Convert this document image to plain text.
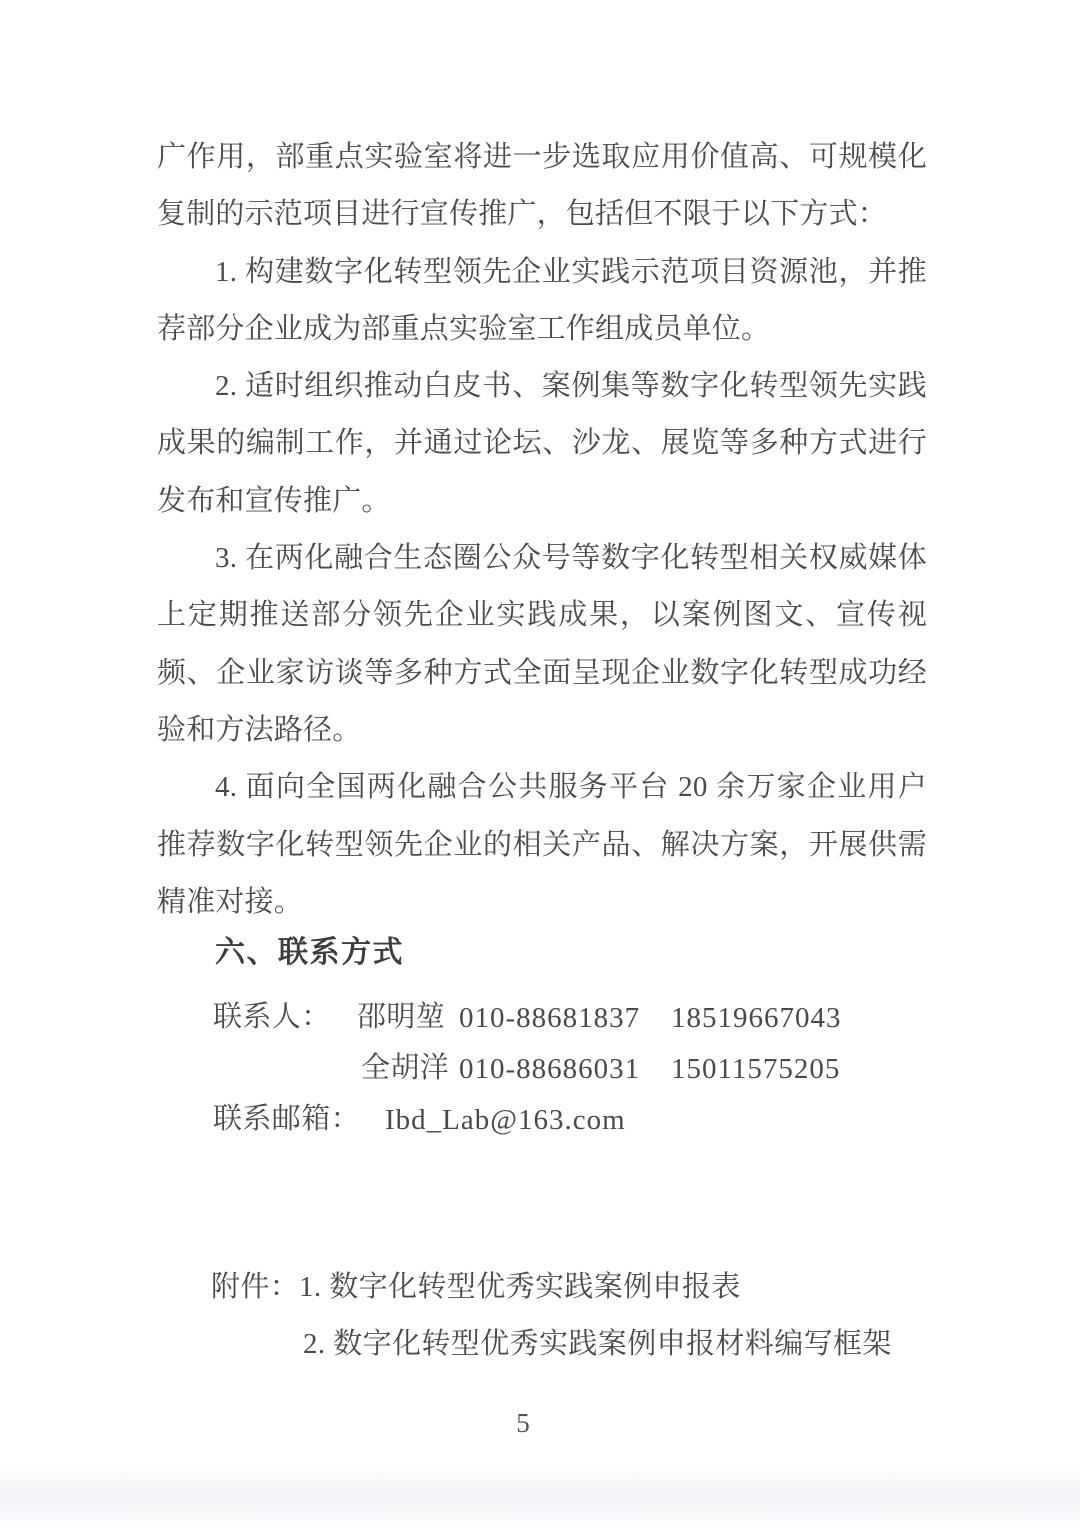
广作用，部重点实验室将进一步选取应用价值高、可规模化复制的示范项目进行宣传推广，包括但不限于以下方式：

1. 构建数字化转型领先企业实践示范项目资源池，并推荐部分企业成为部重点实验室工作组成员单位。

2. 适时组织推动白皮书、案例集等数字化转型领先实践成果的编制工作，并通过论坛、沙龙、展览等多种方式进行发布和宣传推广。

3. 在两化融合生态圈公众号等数字化转型相关权威媒体上定期推送部分领先企业实践成果，以案例图文、宣传视频、企业家访谈等多种方式全面呈现企业数字化转型成功经验和方法路径。

4. 面向全国两化融合公共服务平台 20 余万家企业用户推荐数字化转型领先企业的相关产品、解决方案，开展供需精准对接。

六、联系方式

联系人： 邵明堃 010-88681837 18519667043
全胡洋 010-88686031 15011575205
联系邮箱： Ibd_Lab@163.com
附件： 1. 数字化转型优秀实践案例申报表
2. 数字化转型优秀实践案例申报材料编写框架
5
